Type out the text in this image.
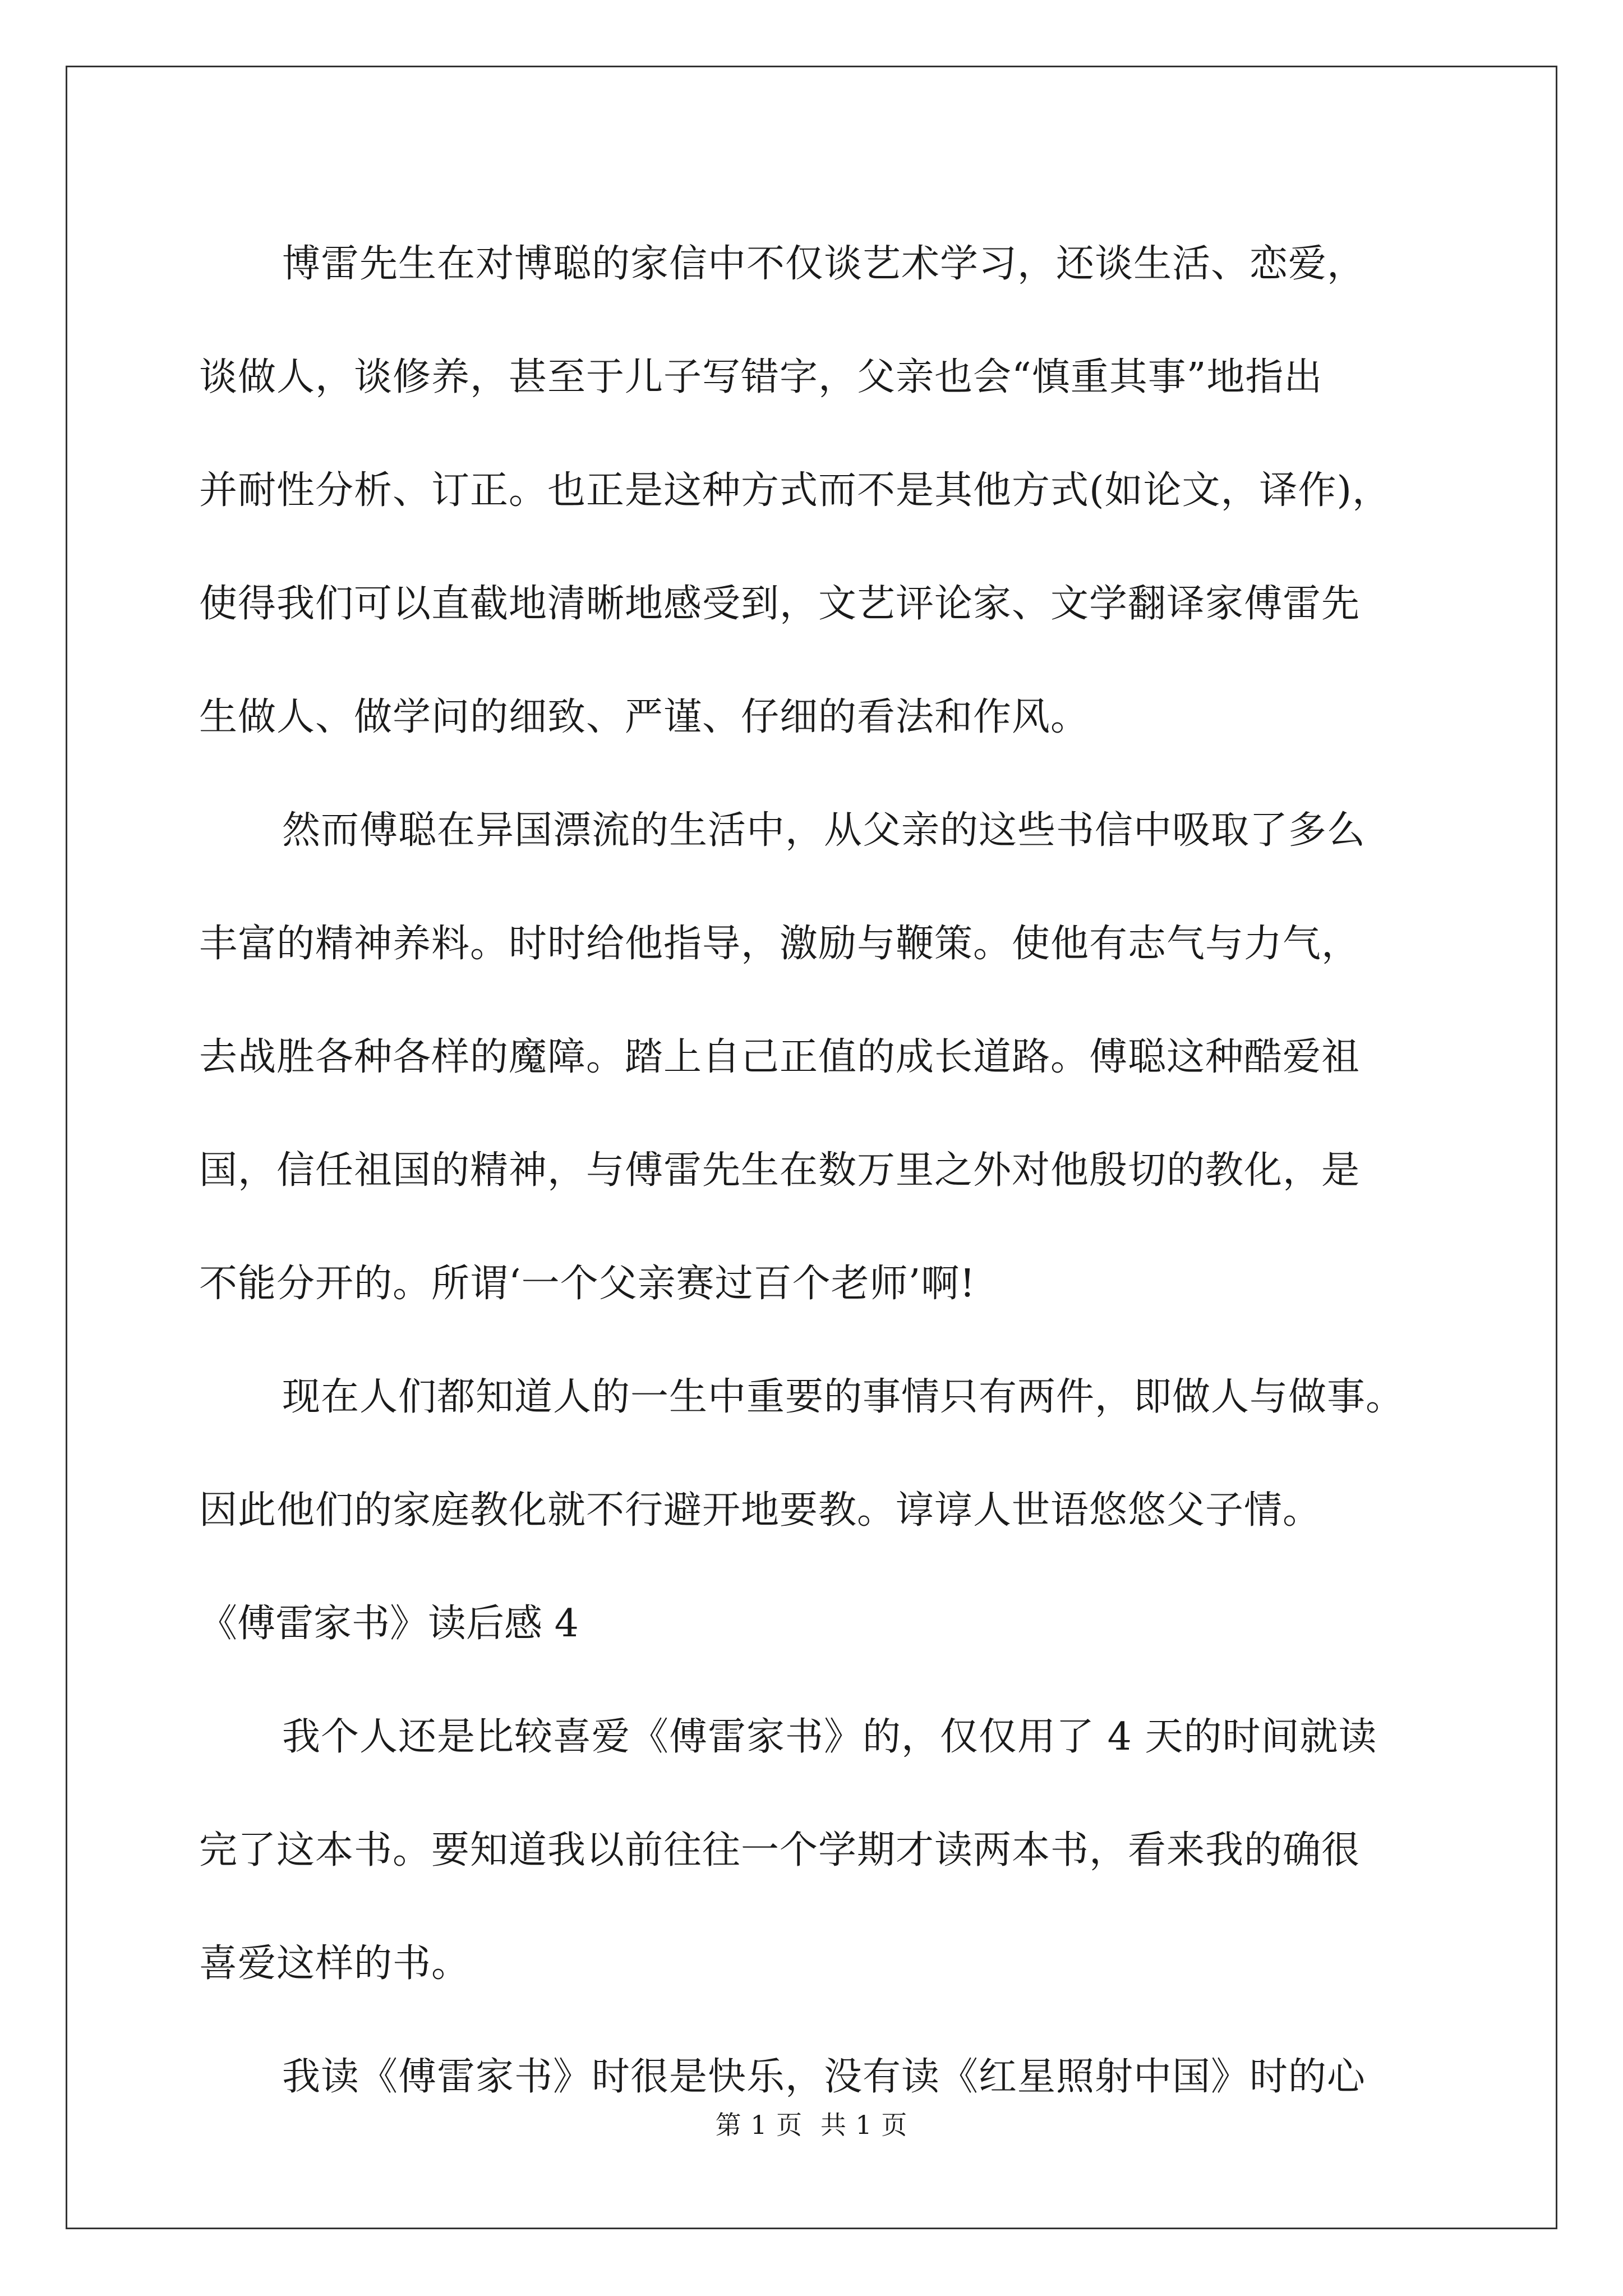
博雷先生在对博聪的家信中不仅谈艺术学习，还谈生活、恋爱，
谈做人，谈修养，甚至于儿子写错字，父亲也会“慎重其事”地指出
并耐性分析、订正。也正是这种方式而不是其他方式(如论文，译作)，
使得我们可以直截地清晰地感受到，文艺评论家、文学翻译家傅雷先
生做人、做学问的细致、严谨、仔细的看法和作风。

然而傅聪在异国漂流的生活中，从父亲的这些书信中吸取了多么
丰富的精神养料。时时给他指导，激励与鞭策。使他有志气与力气，
去战胜各种各样的魔障。踏上自己正值的成长道路。傅聪这种酷爱祖
国，信任祖国的精神，与傅雷先生在数万里之外对他殷切的教化，是
不能分开的。所谓‘一个父亲赛过百个老师’啊!

现在人们都知道人的一生中重要的事情只有两件，即做人与做事。
因此他们的家庭教化就不行避开地要教。谆谆人世语悠悠父子情。

《傅雷家书》读后感 4

我个人还是比较喜爱《傅雷家书》的，仅仅用了 4 天的时间就读
完了这本书。要知道我以前往往一个学期才读两本书，看来我的确很
喜爱这样的书。

我读《傅雷家书》时很是快乐，没有读《红星照射中国》时的心

第 1 页 共 1 页
